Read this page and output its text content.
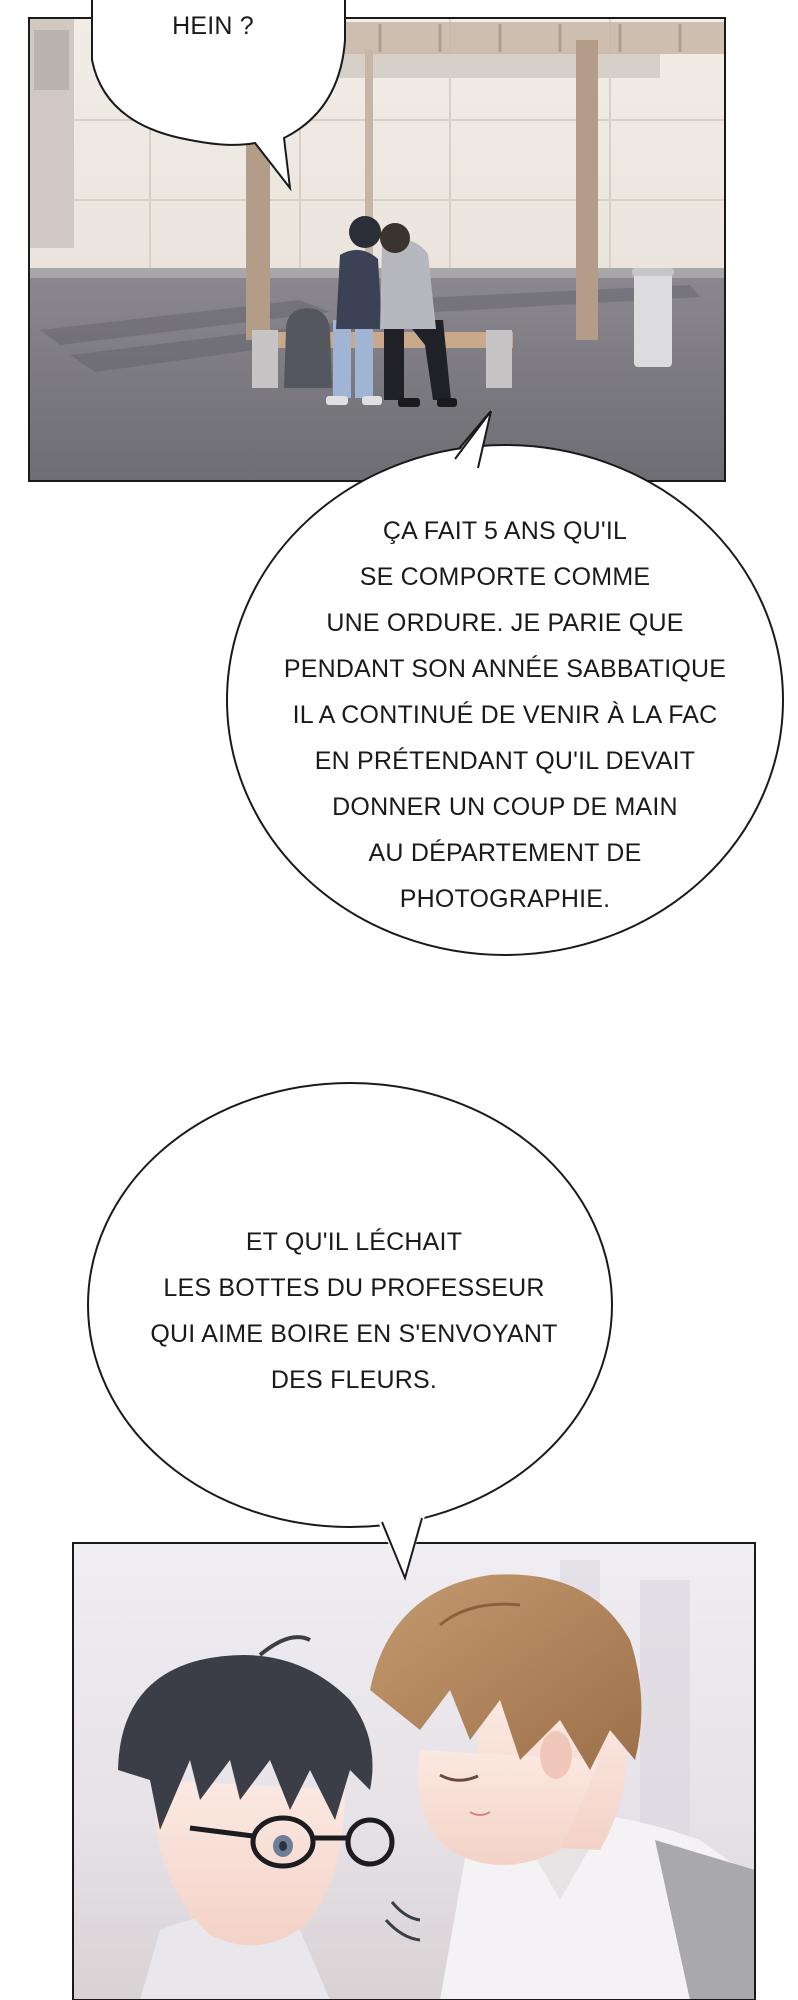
HEIN ?
ÇA FAIT 5 ANS QU'IL
SE COMPORTE COMME
UNE ORDURE. JE PARIE QUE
PENDANT SON ANNÉE SABBATIQUE
IL A CONTINUÉ DE VENIR À LA FAC
EN PRÉTENDANT QU'IL DEVAIT
DONNER UN COUP DE MAIN
AU DÉPARTEMENT DE
PHOTOGRAPHIE.
ET QU'IL LÉCHAIT
LES BOTTES DU PROFESSEUR
QUI AIME BOIRE EN S'ENVOYANT
DES FLEURS.
